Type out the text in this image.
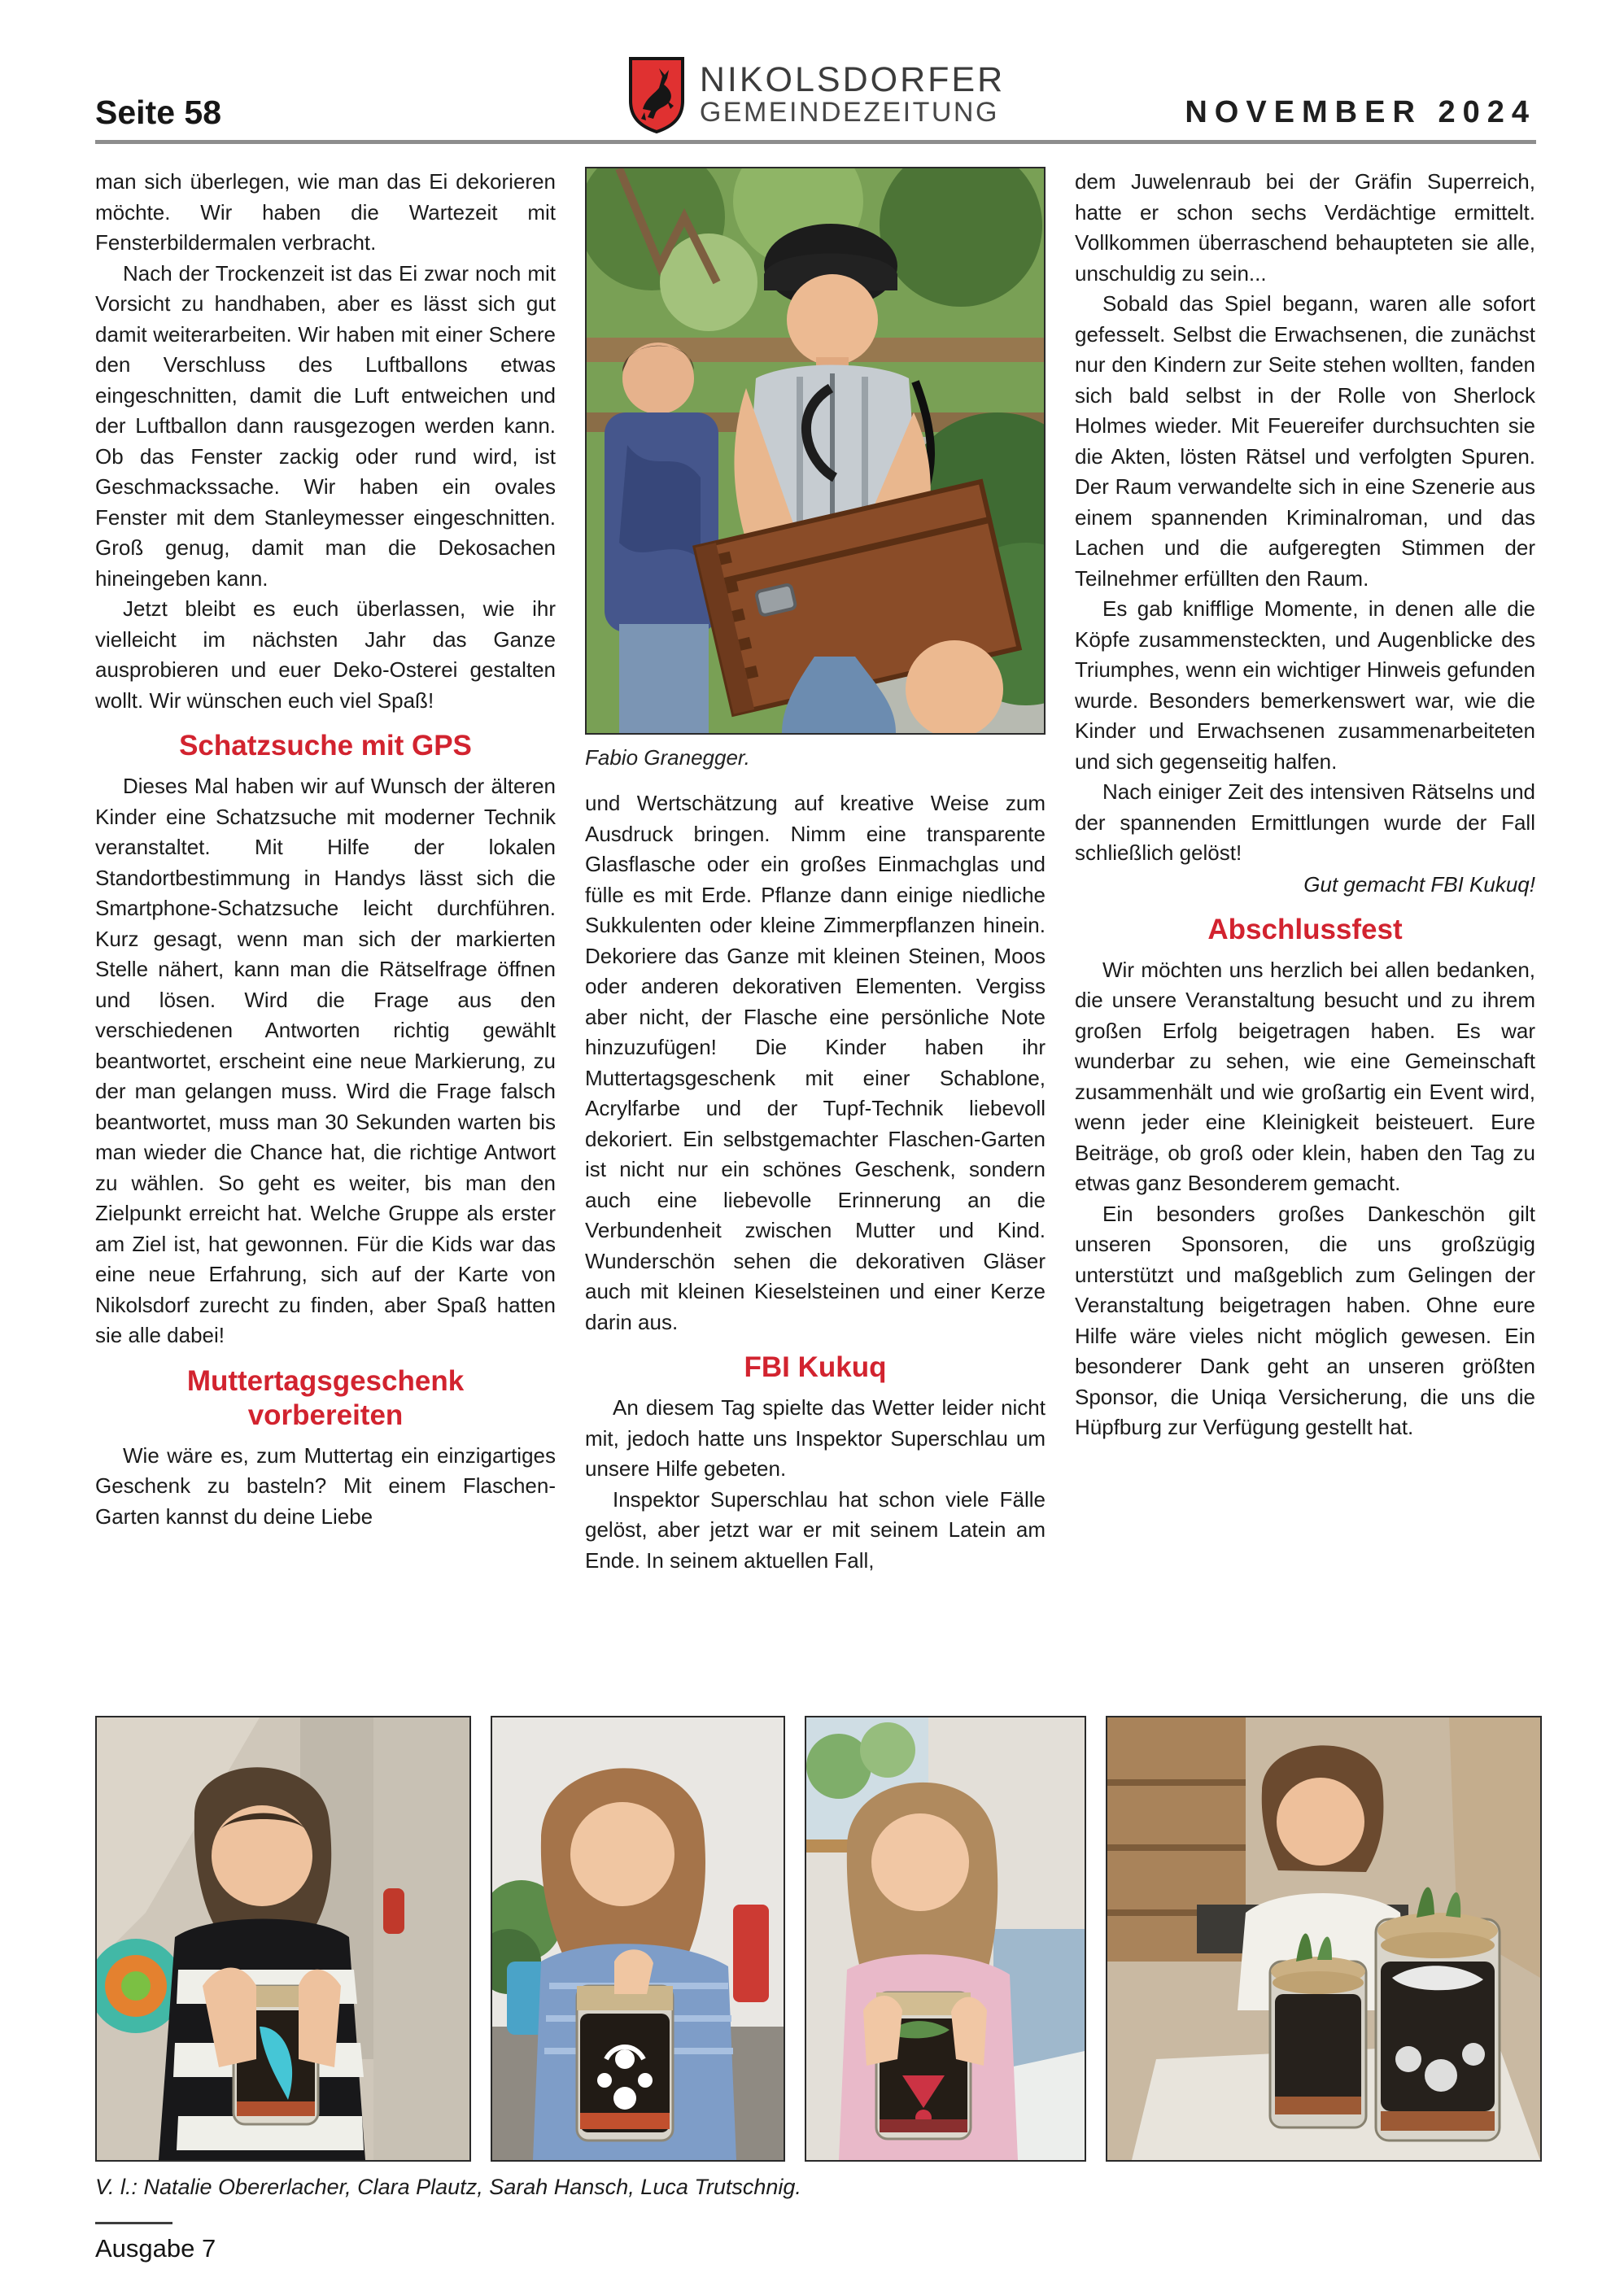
Seite 58
NIKOLSDORFER
GEMEINDEZEITUNG	NOVEMBER 2024

man sich überlegen, wie man das Ei dekorieren möchte. Wir haben die Wartezeit mit Fensterbildermalen verbracht.

Nach der Trockenzeit ist das Ei zwar noch mit Vorsicht zu handhaben, aber es lässt sich gut damit weiterarbeiten. Wir haben mit einer Schere den Verschluss des Luftballons etwas eingeschnitten, damit die Luft entweichen und der Luftballon dann rausgezogen werden kann. Ob das Fenster zackig oder rund wird, ist Geschmackssache. Wir haben ein ovales Fenster mit dem Stanleymesser eingeschnitten. Groß genug, damit man die Dekosachen hineingeben kann.

Jetzt bleibt es euch überlassen, wie ihr vielleicht im nächsten Jahr das Ganze ausprobieren und euer Deko-Osterei gestalten wollt. Wir wünschen euch viel Spaß!

Schatzsuche mit GPS

Dieses Mal haben wir auf Wunsch der älteren Kinder eine Schatzsuche mit moderner Technik veranstaltet. Mit Hilfe der lokalen Standortbestimmung in Handys lässt sich die Smartphone-Schatzsuche leicht durchführen. Kurz gesagt, wenn man sich der markierten Stelle nähert, kann man die Rätselfrage öffnen und lösen. Wird die Frage aus den verschiedenen Antworten richtig gewählt beantwortet, erscheint eine neue Markierung, zu der man gelangen muss. Wird die Frage falsch beantwortet, muss man 30 Sekunden warten bis man wieder die Chance hat, die richtige Antwort zu wählen. So geht es weiter, bis man den Zielpunkt erreicht hat. Welche Gruppe als erster am Ziel ist, hat gewonnen. Für die Kids war das eine neue Erfahrung, sich auf der Karte von Nikolsdorf zurecht zu finden, aber Spaß hatten sie alle dabei!

Muttertagsgeschenk
vorbereiten

Wie wäre es, zum Muttertag ein einzigartiges Geschenk zu basteln? Mit einem Flaschen-Garten kannst du deine Liebe

Fabio Granegger.

und Wertschätzung auf kreative Weise zum Ausdruck bringen. Nimm eine transparente Glasflasche oder ein großes Einmachglas und fülle es mit Erde. Pflanze dann einige niedliche Sukkulenten oder kleine Zimmerpflanzen hinein. Dekoriere das Ganze mit kleinen Steinen, Moos oder anderen dekorativen Elementen. Vergiss aber nicht, der Flasche eine persönliche Note hinzuzufügen! Die Kinder haben ihr Muttertagsgeschenk mit einer Schablone, Acrylfarbe und der Tupf-Technik liebevoll dekoriert. Ein selbstgemachter Flaschen-Garten ist nicht nur ein schönes Geschenk, sondern auch eine liebevolle Erinnerung an die Verbundenheit zwischen Mutter und Kind. Wunderschön sehen die dekorativen Gläser auch mit kleinen Kieselsteinen und einer Kerze darin aus.

FBI Kukuq

An diesem Tag spielte das Wetter leider nicht mit, jedoch hatte uns Inspektor Superschlau um unsere Hilfe gebeten.

Inspektor Superschlau hat schon viele Fälle gelöst, aber jetzt war er mit seinem Latein am Ende. In seinem aktuellen Fall,

dem Juwelenraub bei der Gräfin Superreich, hatte er schon sechs Verdächtige ermittelt. Vollkommen überraschend behaupteten sie alle, unschuldig zu sein...

Sobald das Spiel begann, waren alle sofort gefesselt. Selbst die Erwachsenen, die zunächst nur den Kindern zur Seite stehen wollten, fanden sich bald selbst in der Rolle von Sherlock Holmes wieder. Mit Feuereifer durchsuchten sie die Akten, lösten Rätsel und verfolgten Spuren. Der Raum verwandelte sich in eine Szenerie aus einem spannenden Kriminalroman, und das Lachen und die aufgeregten Stimmen der Teilnehmer erfüllten den Raum.

Es gab knifflige Momente, in denen alle die Köpfe zusammensteckten, und Augenblicke des Triumphes, wenn ein wichtiger Hinweis gefunden wurde. Besonders bemerkenswert war, wie die Kinder und Erwachsenen zusammenarbeiteten und sich gegenseitig halfen.

Nach einiger Zeit des intensiven Rätselns und der spannenden Ermittlungen wurde der Fall schließlich gelöst!

Gut gemacht FBI Kukuq!

Abschlussfest

Wir möchten uns herzlich bei allen bedanken, die unsere Veranstaltung besucht und zu ihrem großen Erfolg beigetragen haben. Es war wunderbar zu sehen, wie eine Gemeinschaft zusammenhält und wie großartig ein Event wird, wenn jeder eine Kleinigkeit beisteuert. Eure Beiträge, ob groß oder klein, haben den Tag zu etwas ganz Besonderem gemacht.

Ein besonders großes Dankeschön gilt unseren Sponsoren, die uns großzügig unterstützt und maßgeblich zum Gelingen der Veranstaltung beigetragen haben. Ohne eure Hilfe wäre vieles nicht möglich gewesen. Ein besonderer Dank geht an unseren größten Sponsor, die Uniqa Versicherung, die uns die Hüpfburg zur Verfügung gestellt hat.

V. l.: Natalie Obererlacher, Clara Plautz, Sarah Hansch, Luca Trutschnig.

Ausgabe 7
